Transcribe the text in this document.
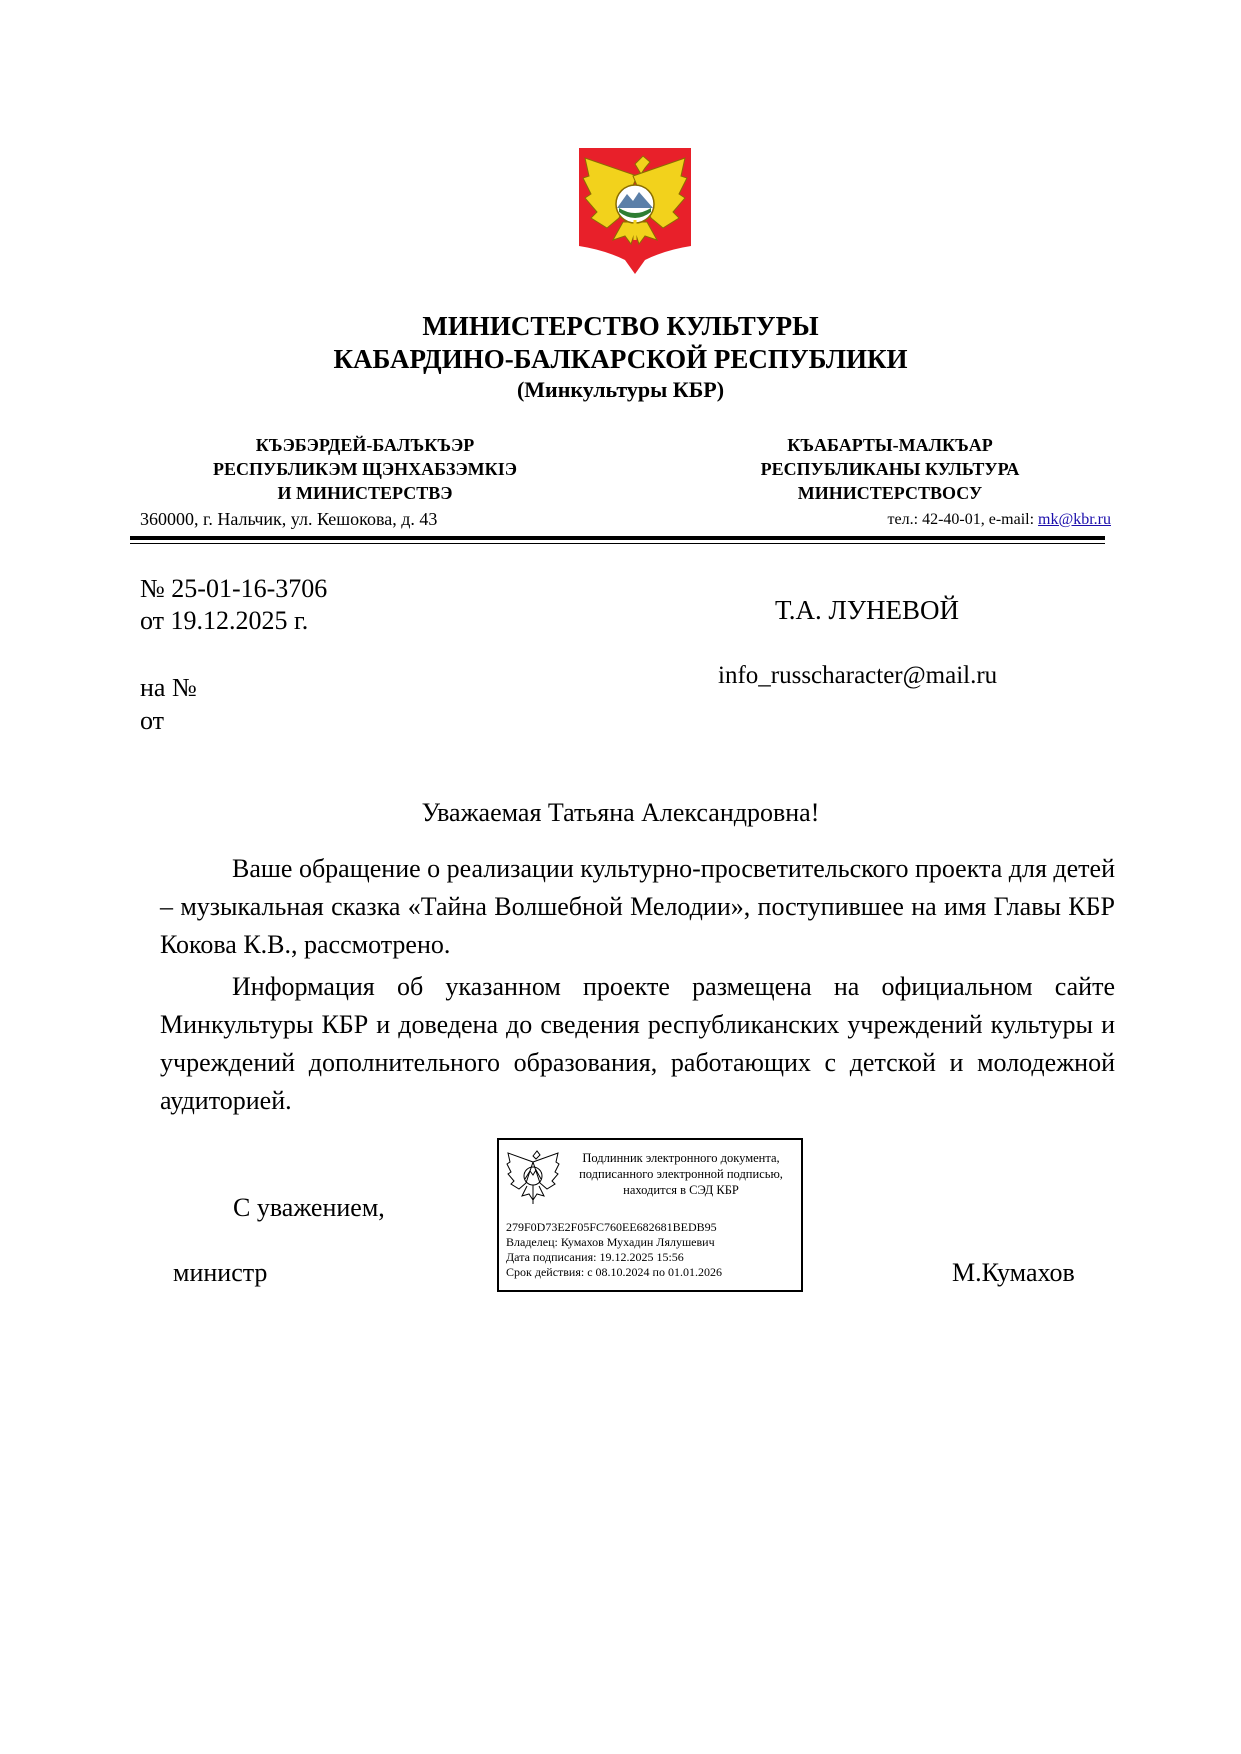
МИНИСТЕРСТВО КУЛЬТУРЫ
КАБАРДИНО-БАЛКАРСКОЙ РЕСПУБЛИКИ
(Минкультуры КБР)
КЪЭБЭРДЕЙ-БАЛЪКЪЭР
РЕСПУБЛИКЭМ ЩЭНХАБЗЭМКIЭ
И МИНИСТЕРСТВЭ
КЪАБАРТЫ-МАЛКЪАР
РЕСПУБЛИКАНЫ КУЛЬТУРА
МИНИСТЕРСТВОСУ
360000, г. Нальчик, ул. Кешокова, д. 43	тел.: 42-40-01, e-mail: mk@kbr.ru
№ 25-01-16-3706
от 19.12.2025 г.
на №
от
Т.А. ЛУНЕВОЙ
info_russcharacter@mail.ru
Уважаемая Татьяна Александровна!

Ваше обращение о реализации культурно-просветительского проекта для детей – музыкальная сказка «Тайна Волшебной Мелодии», поступившее на имя Главы КБР Кокова К.В., рассмотрено.

Информация об указанном проекте размещена на официальном сайте Минкультуры КБР и доведена до сведения республиканских учреждений культуры и учреждений дополнительного образования, работающих с детской и молодежной аудиторией.

С уважением,
министр	М.Кумахов
Подлинник электронного документа,
подписанного электронной подписью,
находится в СЭД КБР
279F0D73E2F05FC760EE682681BEDB95
Владелец: Кумахов Мухадин Лялушевич
Дата подписания: 19.12.2025 15:56
Срок действия: с 08.10.2024 по 01.01.2026
